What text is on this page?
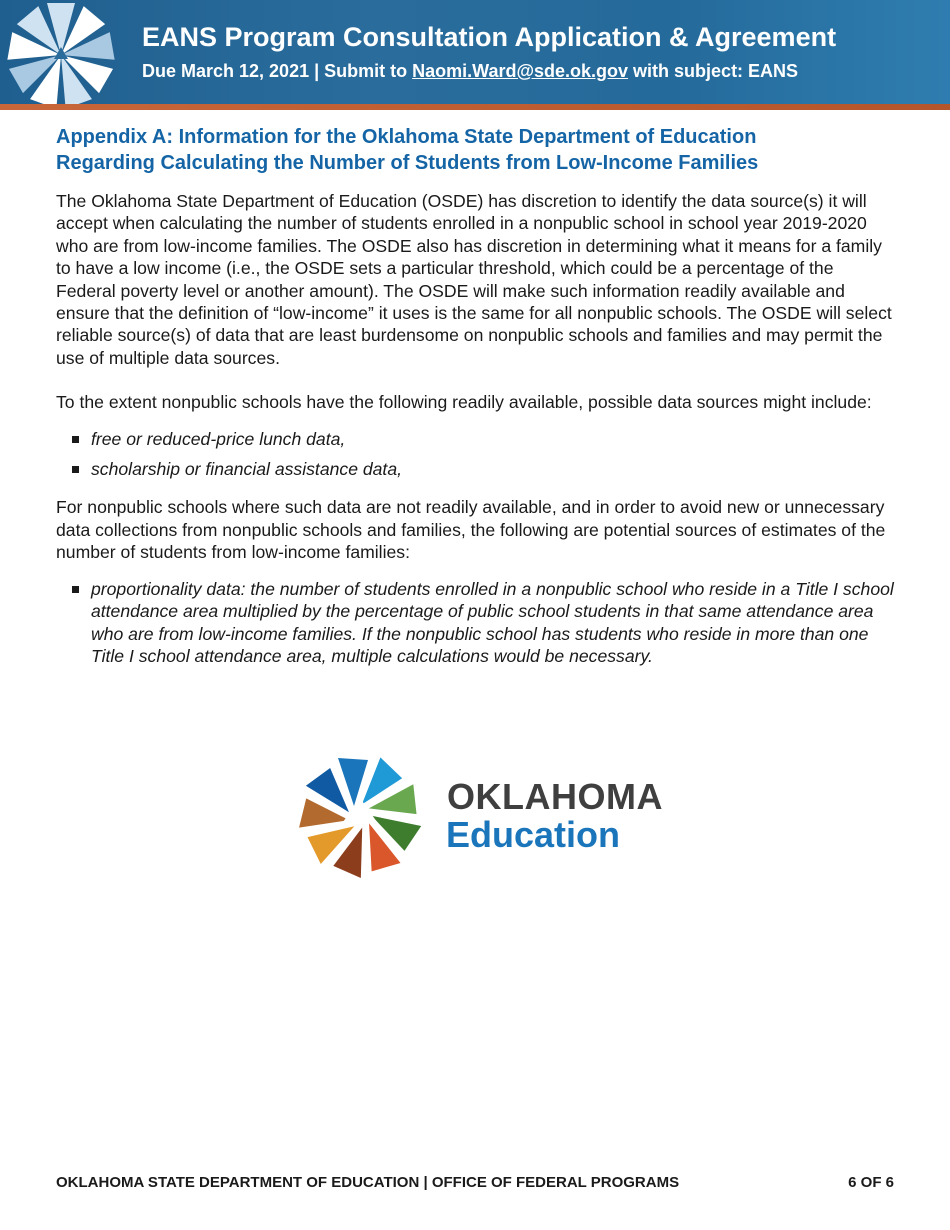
EANS Program Consultation Application & Agreement
Due March 12, 2021 | Submit to Naomi.Ward@sde.ok.gov with subject: EANS
Appendix A: Information for the Oklahoma State Department of Education
Regarding Calculating the Number of Students from Low-Income Families

The Oklahoma State Department of Education (OSDE) has discretion to identify the data source(s) it will accept when calculating the number of students enrolled in a nonpublic school in school year 2019-2020 who are from low-income families. The OSDE also has discretion in determining what it means for a family to have a low income (i.e., the OSDE sets a particular threshold, which could be a percentage of the Federal poverty level or another amount). The OSDE will make such information readily available and ensure that the definition of “low-income” it uses is the same for all nonpublic schools. The OSDE will select reliable source(s) of data that are least burdensome on nonpublic schools and families and may permit the use of multiple data sources.

To the extent nonpublic schools have the following readily available, possible data sources might include:

free or reduced-price lunch data,
scholarship or financial assistance data,

For nonpublic schools where such data are not readily available, and in order to avoid new or unnecessary data collections from nonpublic schools and families, the following are potential sources of estimates of the number of students from low-income families:

proportionality data: the number of students enrolled in a nonpublic school who reside in a Title I school attendance area multiplied by the percentage of public school students in that same attendance area who are from low-income families. If the nonpublic school has students who reside in more than one Title I school attendance area, multiple calculations would be necessary.
OKLAHOMA
Education
OKLAHOMA STATE DEPARTMENT OF EDUCATION | OFFICE OF FEDERAL PROGRAMS	6 OF 6
